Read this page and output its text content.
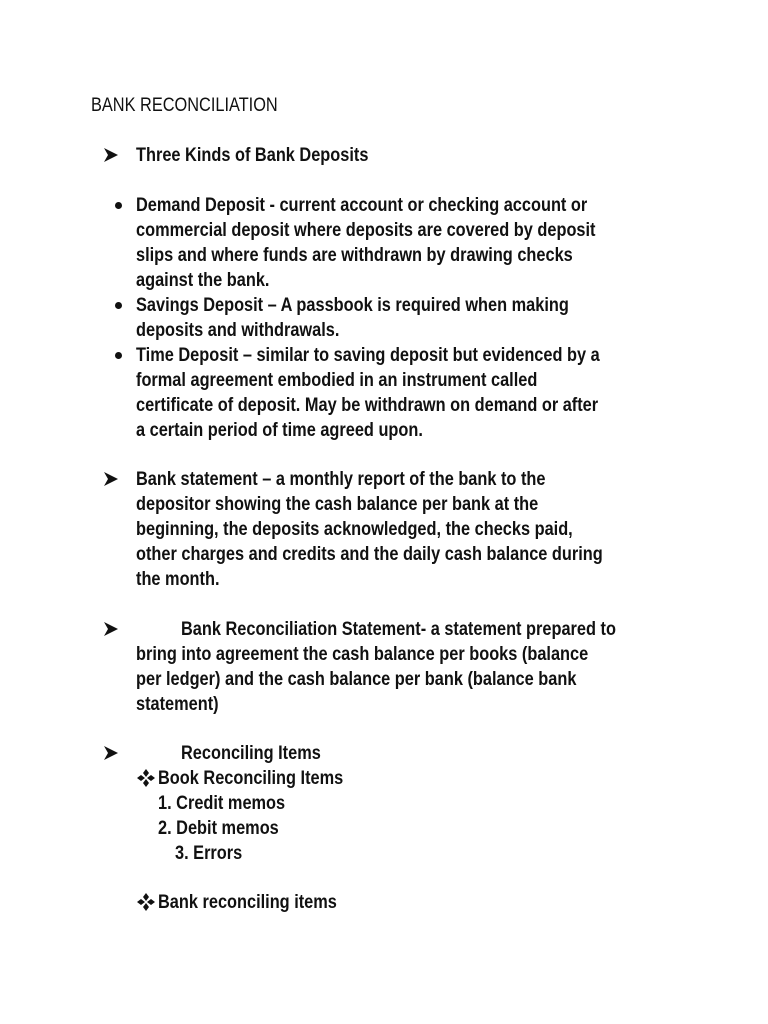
BANK RECONCILIATION
Three Kinds of Bank Deposits
Demand Deposit - current account or checking account or
commercial deposit where deposits are covered by deposit
slips and where funds are withdrawn by drawing checks
against the bank.
Savings Deposit – A passbook is required when making
deposits and withdrawals.
Time Deposit – similar to saving deposit but evidenced by a
formal agreement embodied in an instrument called
certificate of deposit. May be withdrawn on demand or after
a certain period of time agreed upon.
Bank statement – a monthly report of the bank to the
depositor showing the cash balance per bank at the
beginning, the deposits acknowledged, the checks paid,
other charges and credits and the daily cash balance during
the month.
Bank Reconciliation Statement- a statement prepared to
bring into agreement the cash balance per books (balance
per ledger) and the cash balance per bank (balance bank
statement)
Reconciling Items
Book Reconciling Items
1. Credit memos
2. Debit memos
3. Errors
Bank reconciling items
